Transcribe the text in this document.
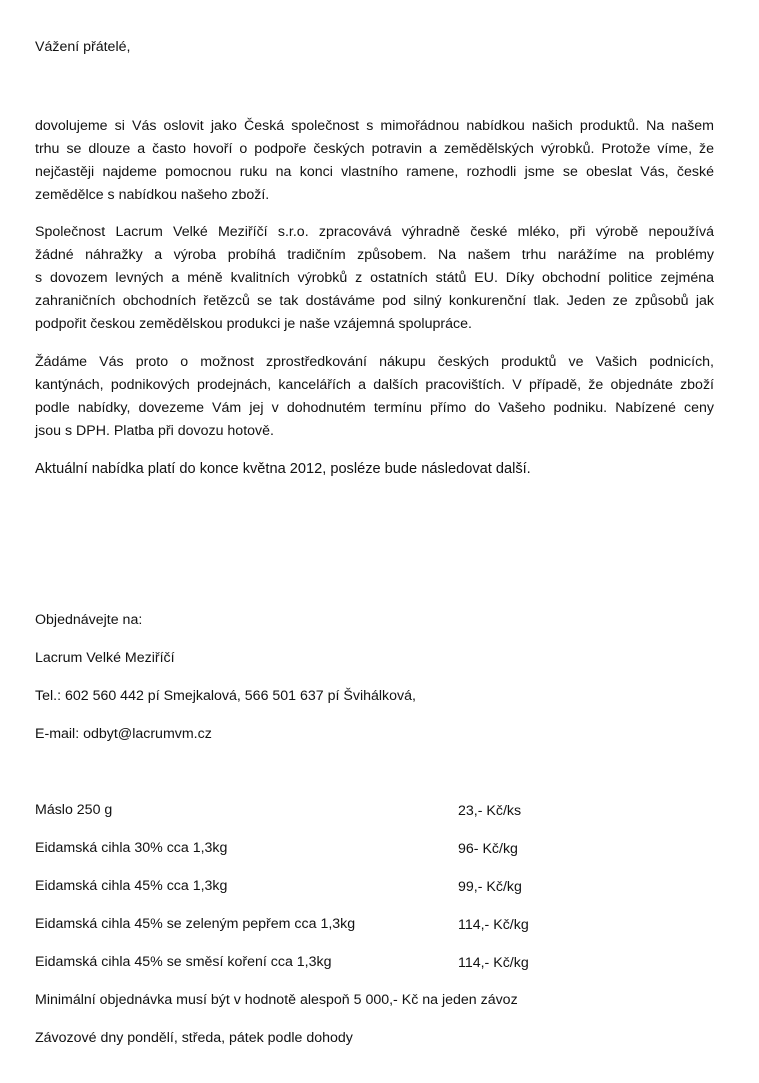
Vážení přátelé,
dovolujeme si Vás oslovit jako Česká společnost s mimořádnou nabídkou našich produktů. Na našem
trhu se dlouze a často hovoří o podpoře českých potravin a zemědělských výrobků. Protože víme, že
nejčastěji najdeme pomocnou ruku na konci vlastního ramene, rozhodli jsme se obeslat Vás, české
zemědělce s nabídkou našeho zboží.
Společnost Lacrum Velké Meziříčí s.r.o. zpracovává výhradně české mléko, při výrobě nepoužívá
žádné náhražky a výroba probíhá tradičním způsobem. Na našem trhu narážíme na problémy
s dovozem levných a méně kvalitních výrobků z ostatních států EU. Díky obchodní politice zejména
zahraničních obchodních řetězců se tak dostáváme pod silný konkurenční tlak. Jeden ze způsobů jak
podpořit českou zemědělskou produkci je naše vzájemná spolupráce.
Žádáme Vás proto o možnost zprostředkování nákupu českých produktů ve Vašich podnicích,
kantýnách, podnikových prodejnách, kancelářích a dalších pracovištích. V případě, že objednáte zboží
podle nabídky, dovezeme Vám jej v dohodnutém termínu přímo do Vašeho podniku. Nabízené ceny
jsou s DPH. Platba při dovozu hotově.
Aktuální nabídka platí do konce května 2012, posléze bude následovat další.
Objednávejte na:
Lacrum Velké Meziříčí
Tel.: 602 560 442 pí Smejkalová, 566 501 637 pí Švihálková,
E-mail: odbyt@lacrumvm.cz
Máslo 250 g	23,- Kč/ks
Eidamská cihla 30% cca 1,3kg	96- Kč/kg
Eidamská cihla 45% cca 1,3kg	99,- Kč/kg
Eidamská cihla 45% se zeleným pepřem cca 1,3kg	114,- Kč/kg
Eidamská cihla 45% se směsí koření cca 1,3kg	114,- Kč/kg
Minimální objednávka musí být v hodnotě alespoň 5 000,- Kč na jeden závoz
Závozové dny pondělí, středa, pátek podle dohody
